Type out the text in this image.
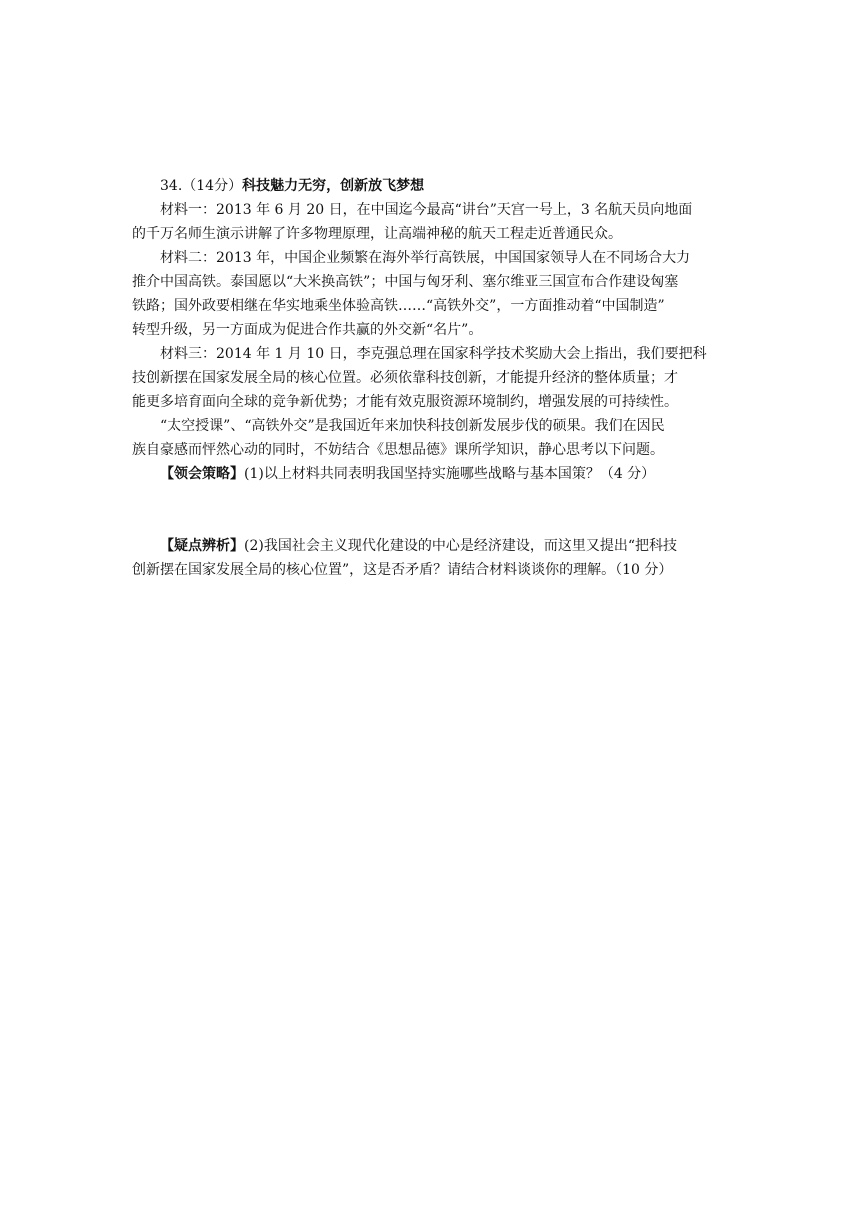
34.（14分）科技魅力无穷，创新放飞梦想
材料一：2013 年 6 月 20 日，在中国迄今最高“讲台”天宫一号上，3 名航天员向地面
的千万名师生演示讲解了许多物理原理，让高端神秘的航天工程走近普通民众。
材料二：2013 年，中国企业频繁在海外举行高铁展，中国国家领导人在不同场合大力
推介中国高铁。泰国愿以“大米换高铁”；中国与匈牙利、塞尔维亚三国宣布合作建设匈塞
铁路；国外政要相继在华实地乘坐体验高铁……“高铁外交”，一方面推动着“中国制造”
转型升级，另一方面成为促进合作共赢的外交新“名片”。
材料三：2014 年 1 月 10 日，李克强总理在国家科学技术奖励大会上指出，我们要把科
技创新摆在国家发展全局的核心位置。必须依靠科技创新，才能提升经济的整体质量；才
能更多培育面向全球的竞争新优势；才能有效克服资源环境制约，增强发展的可持续性。
“太空授课”、“高铁外交”是我国近年来加快科技创新发展步伐的硕果。我们在因民
族自豪感而怦然心动的同时，不妨结合《思想品德》课所学知识，静心思考以下问题。
【领会策略】(1)以上材料共同表明我国坚持实施哪些战略与基本国策？（4 分）
【疑点辨析】(2)我国社会主义现代化建设的中心是经济建设，而这里又提出“把科技
创新摆在国家发展全局的核心位置”，这是否矛盾？请结合材料谈谈你的理解。（10 分）
